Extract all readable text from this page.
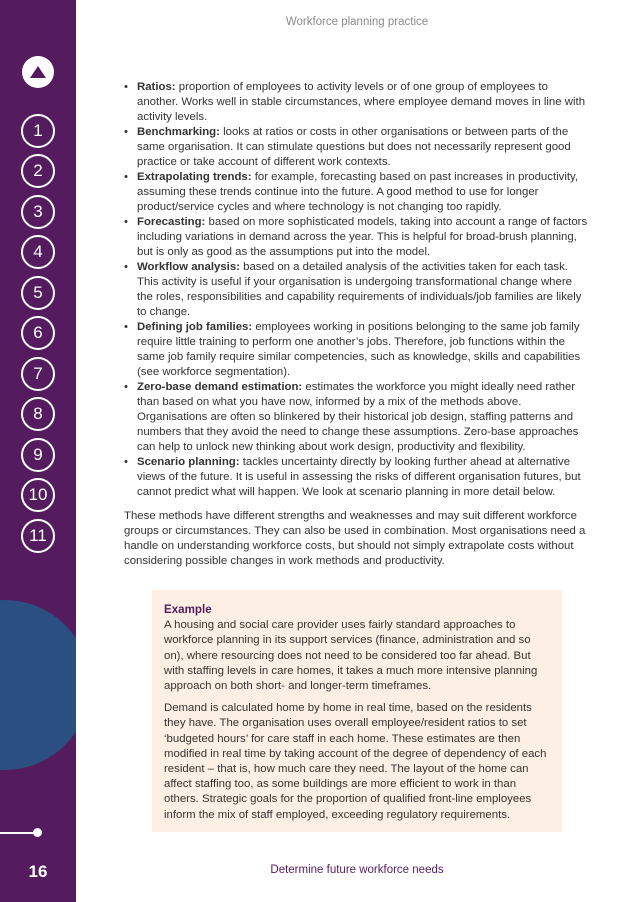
1
2
3
4
5
6
7
8
9
10
11
16
Workforce planning practice
• Ratios: proportion of employees to activity levels or of one group of employees to another. Works well in stable circumstances, where employee demand moves in line with activity levels.
• Benchmarking: looks at ratios or costs in other organisations or between parts of the same organisation. It can stimulate questions but does not necessarily represent good practice or take account of different work contexts.
• Extrapolating trends: for example, forecasting based on past increases in productivity, assuming these trends continue into the future. A good method to use for longer product/service cycles and where technology is not changing too rapidly.
• Forecasting: based on more sophisticated models, taking into account a range of factors including variations in demand across the year. This is helpful for broad-brush planning, but is only as good as the assumptions put into the model.
• Workflow analysis: based on a detailed analysis of the activities taken for each task. This activity is useful if your organisation is undergoing transformational change where the roles, responsibilities and capability requirements of individuals/job families are likely to change.
• Defining job families: employees working in positions belonging to the same job family require little training to perform one another’s jobs. Therefore, job functions within the same job family require similar competencies, such as knowledge, skills and capabilities (see workforce segmentation).
• Zero-base demand estimation: estimates the workforce you might ideally need rather than based on what you have now, informed by a mix of the methods above. Organisations are often so blinkered by their historical job design, staffing patterns and numbers that they avoid the need to change these assumptions. Zero-base approaches can help to unlock new thinking about work design, productivity and flexibility.
• Scenario planning: tackles uncertainty directly by looking further ahead at alternative views of the future. It is useful in assessing the risks of different organisation futures, but cannot predict what will happen. We look at scenario planning in more detail below.

These methods have different strengths and weaknesses and may suit different workforce groups or circumstances. They can also be used in combination. Most organisations need a handle on understanding workforce costs, but should not simply extrapolate costs without considering possible changes in work methods and productivity.

Example

A housing and social care provider uses fairly standard approaches to workforce planning in its support services (finance, administration and so on), where resourcing does not need to be considered too far ahead. But with staffing levels in care homes, it takes a much more intensive planning approach on both short- and longer-term timeframes.

Demand is calculated home by home in real time, based on the residents they have. The organisation uses overall employee/resident ratios to set ‘budgeted hours’ for care staff in each home. These estimates are then modified in real time by taking account of the degree of dependency of each resident – that is, how much care they need. The layout of the home can affect staffing too, as some buildings are more efficient to work in than others. Strategic goals for the proportion of qualified front-line employees inform the mix of staff employed, exceeding regulatory requirements.

Determine future workforce needs
